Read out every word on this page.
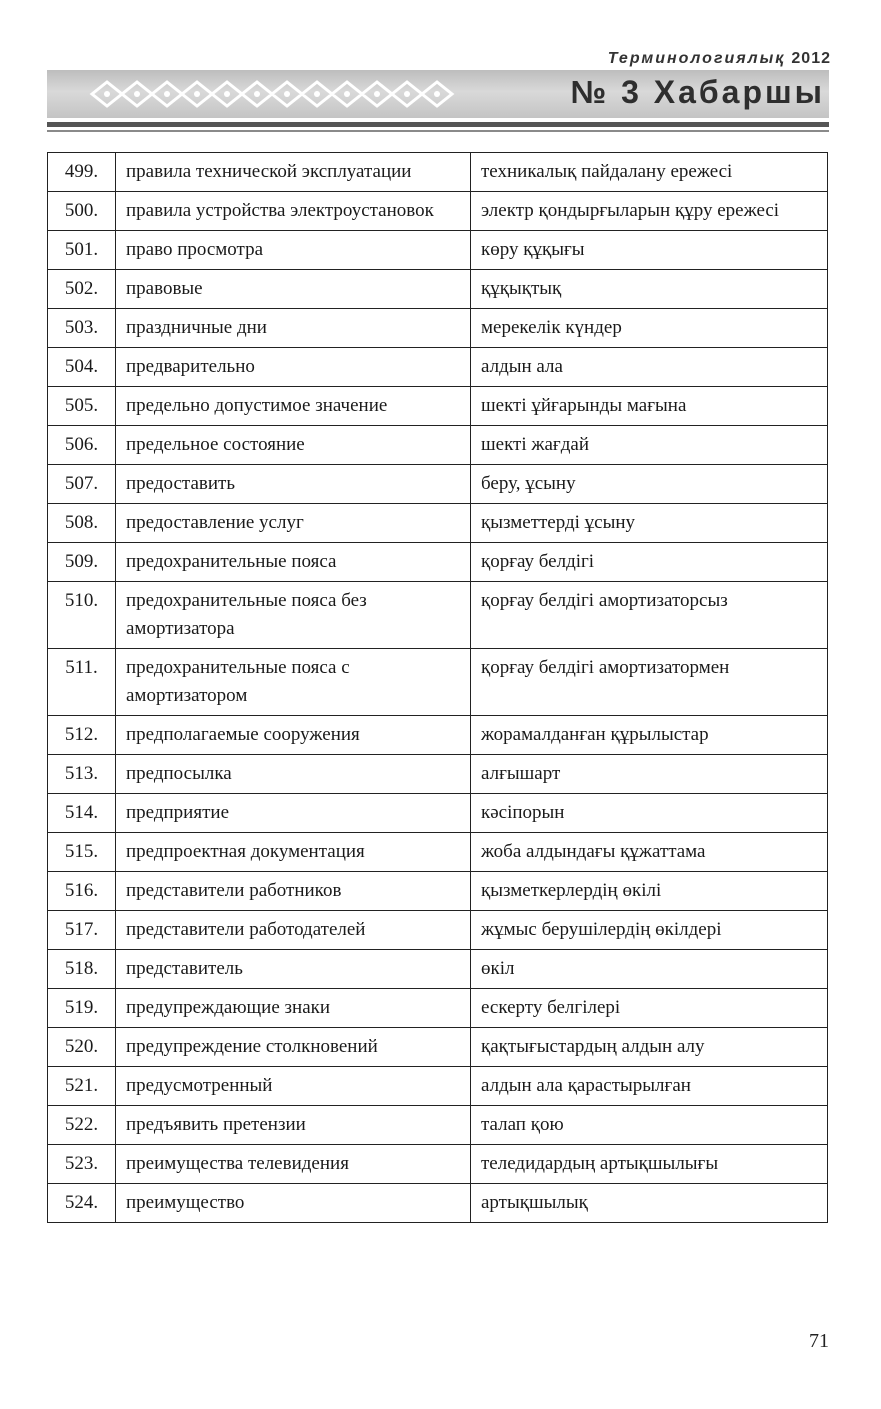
Терминологиялық 2012
№ 3 Хабаршы
499.	правила технической эксплуатации	техникалық пайдалану ережесі
500.	правила устройства электроустановок	электр қондырғыларын құру ережесі
501.	право просмотра	көру құқығы
502.	правовые	құқықтық
503.	праздничные дни	мерекелік күндер
504.	предварительно	алдын ала
505.	предельно допустимое значение	шекті ұйғарынды мағына
506.	предельное состояние	шекті жағдай
507.	предоставить	беру, ұсыну
508.	предоставление услуг	қызметтерді ұсыну
509.	предохранительные пояса	қорғау белдігі
510.	предохранительные пояса без амортизатора	қорғау белдігі амортизаторсыз
511.	предохранительные пояса с амортизатором	қорғау белдігі амортизатормен
512.	предполагаемые сооружения	жорамалданған құрылыстар
513.	предпосылка	алғышарт
514.	предприятие	кәсіпорын
515.	предпроектная документация	жоба алдындағы құжаттама
516.	представители работников	қызметкерлердің өкілі
517.	представители работодателей	жұмыс берушілердің өкілдері
518.	представитель	өкіл
519.	предупреждающие знаки	ескерту белгілері
520.	предупреждение столкновений	қақтығыстардың алдын алу
521.	предусмотренный	алдын ала қарастырылған
522.	предъявить претензии	талап қою
523.	преимущества телевидения	теледидардың артықшылығы
524.	преимущество	артықшылық
71
